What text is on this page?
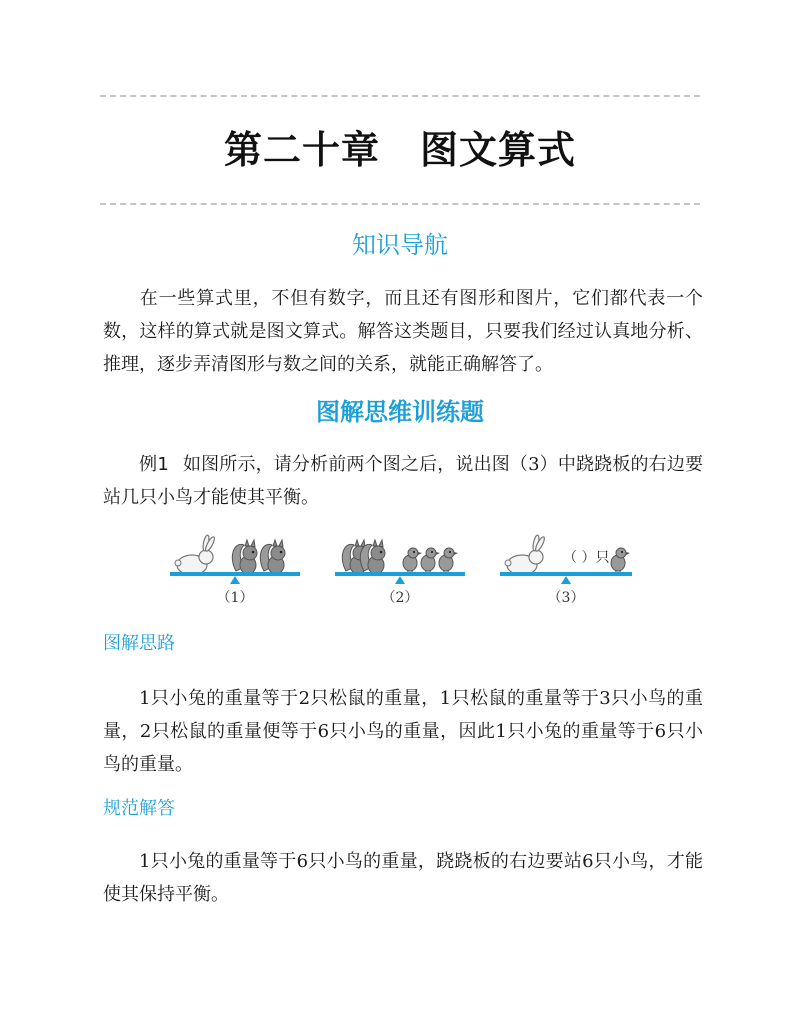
第二十章 图文算式
知识导航
在一些算式里，不但有数字，而且还有图形和图片，它们都代表一个数，这样的算式就是图文算式。解答这类题目，只要我们经过认真地分析、推理，逐步弄清图形与数之间的关系，就能正确解答了。
图解思维训练题
例1 如图所示，请分析前两个图之后，说出图（3）中跷跷板的右边要站几只小鸟才能使其平衡。
（1）	（2）
（ ）只
（3）
图解思路
1只小兔的重量等于2只松鼠的重量，1只松鼠的重量等于3只小鸟的重量，2只松鼠的重量便等于6只小鸟的重量，因此1只小兔的重量等于6只小鸟的重量。
规范解答
1只小兔的重量等于6只小鸟的重量，跷跷板的右边要站6只小鸟，才能使其保持平衡。
